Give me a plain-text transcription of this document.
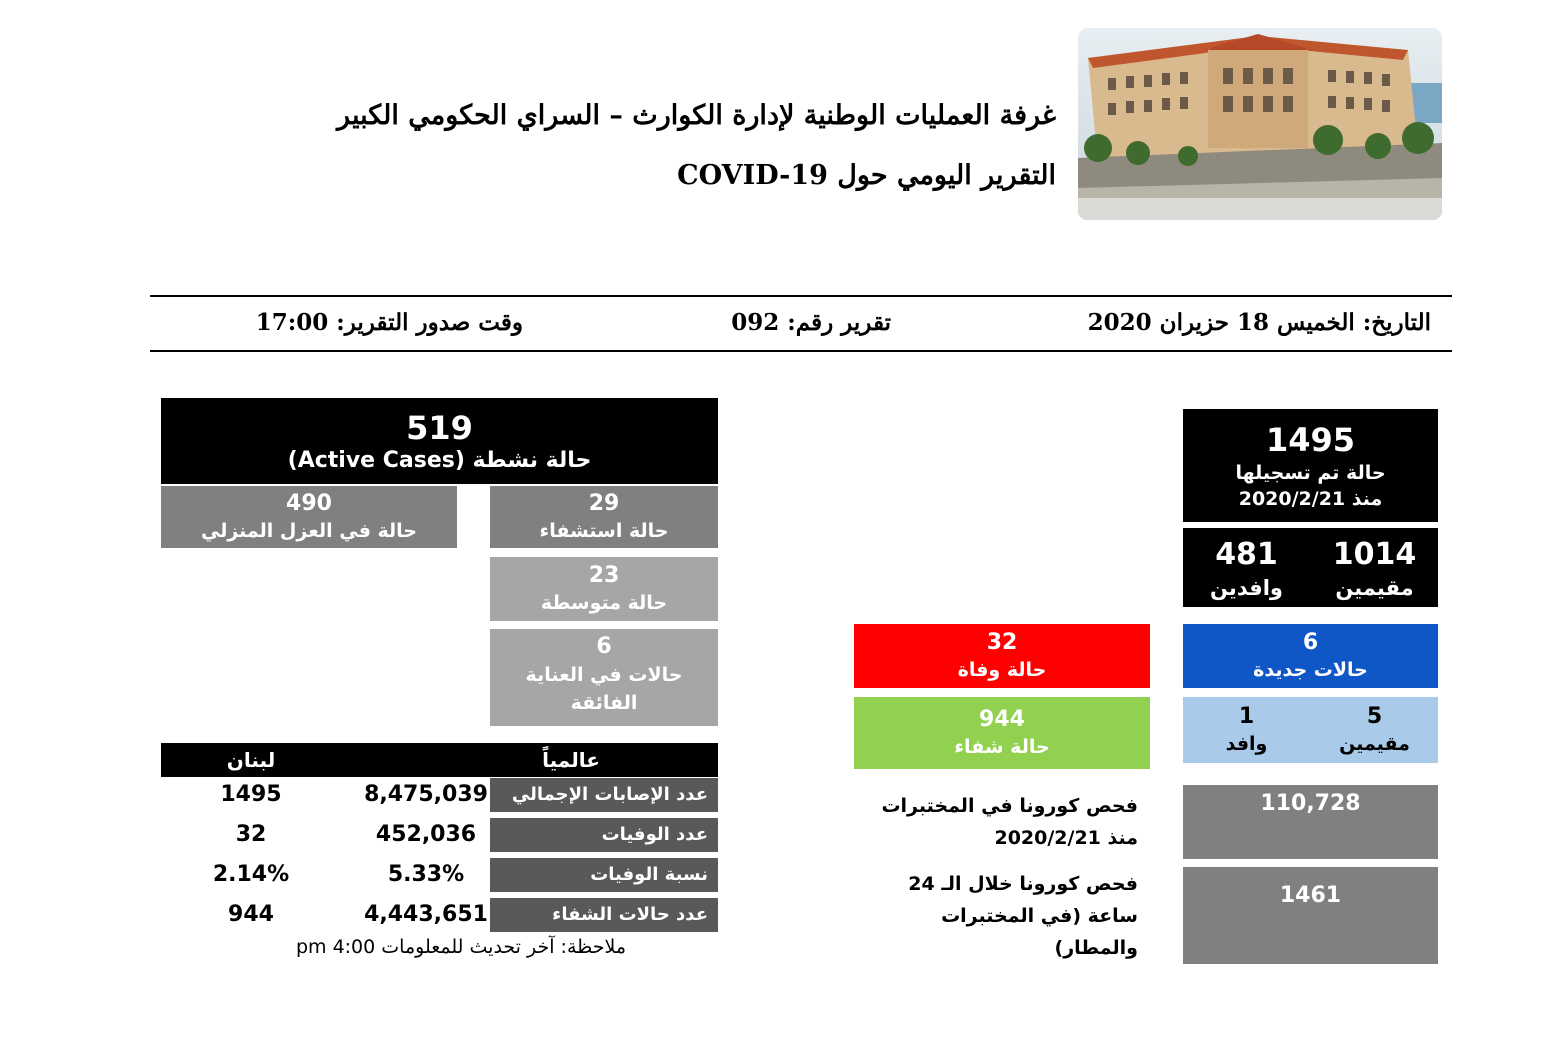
غرفة العمليات الوطنية لإدارة الكوارث – السراي الحكومي الكبير
التقرير اليومي حول COVID-19
التاريخ: الخميس 18 حزيران 2020
تقرير رقم: 092
وقت صدور التقرير: 17:00
1495
حالة تم تسجيلها
منذ 2020/2/21
1014
مقيمين
481
وافدين
6
حالات جديدة
5
مقيمين
1
وافد
32
حالة وفاة
944
حالة شفاء
فحص كورونا في المختبرات منذ 2020/2/21
110,728
فحص كورونا خلال الـ 24 ساعة (في المختبرات والمطار)
1461
519
حالة نشطة (Active Cases)
490
حالة في العزل المنزلي
29
حالة استشفاء
23
حالة متوسطة
6
حالات في العناية الفائقة
عالمياً
لبنان
عدد الإصابات الإجمالي
8,475,039
1495
عدد الوفيات
452,036
32
نسبة الوفيات
5.33%
2.14%
عدد حالات الشفاء
4,443,651
944
ملاحظة: آخر تحديث للمعلومات 4:00 pm
